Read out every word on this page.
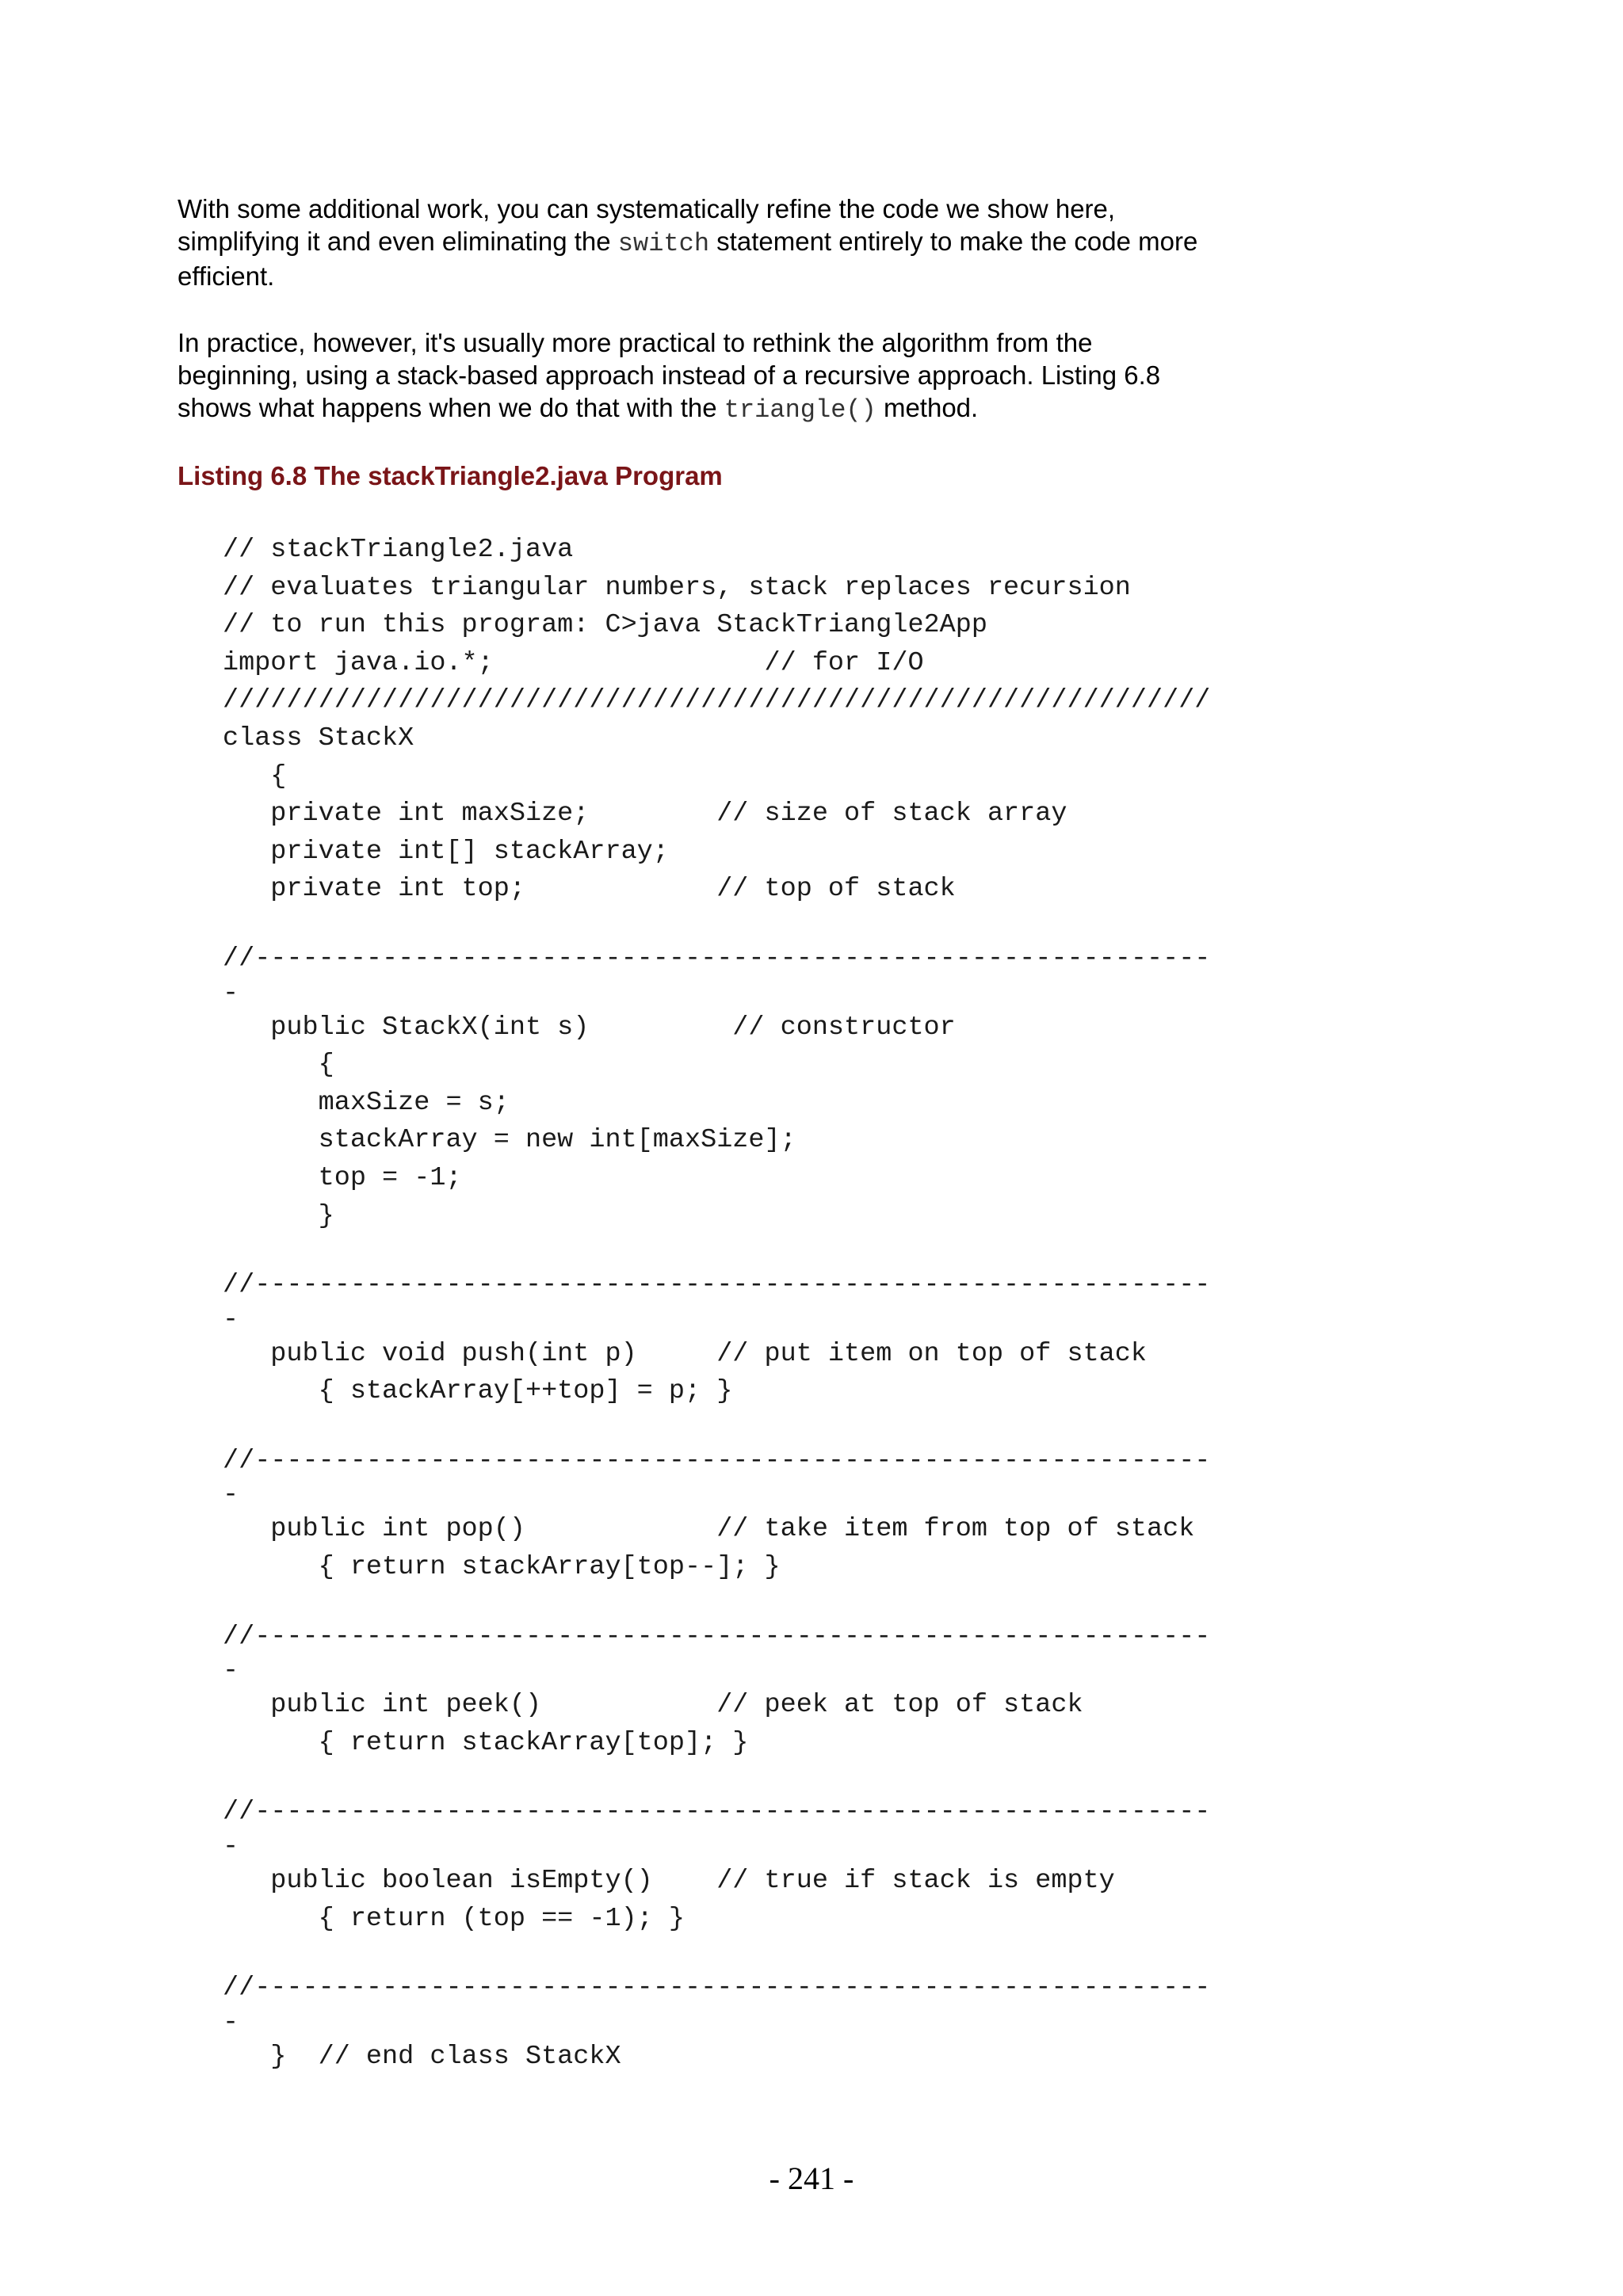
With some additional work, you can systematically refine the code we show here,
simplifying it and even eliminating the switch statement entirely to make the code more
efficient.

In practice, however, it's usually more practical to rethink the algorithm from the
beginning, using a stack-based approach instead of a recursive approach. Listing 6.8
shows what happens when we do that with the triangle() method.

Listing 6.8 The stackTriangle2.java Program
// stackTriangle2.java
// evaluates triangular numbers, stack replaces recursion
// to run this program: C>java StackTriangle2App
import java.io.*;                 // for I/O
//////////////////////////////////////////////////////////////
class StackX
{
private int maxSize;        // size of stack array
private int[] stackArray;
private int top;            // top of stack

//------------------------------------------------------------
-
public StackX(int s)         // constructor
{
maxSize = s;
stackArray = new int[maxSize];
top = -1;
}

//------------------------------------------------------------
-
public void push(int p)     // put item on top of stack
{ stackArray[++top] = p; }

//------------------------------------------------------------
-
public int pop()            // take item from top of stack
{ return stackArray[top--]; }

//------------------------------------------------------------
-
public int peek()           // peek at top of stack
{ return stackArray[top]; }

//------------------------------------------------------------
-
public boolean isEmpty()    // true if stack is empty
{ return (top == -1); }

//------------------------------------------------------------
-
}  // end class StackX
- 241 -
